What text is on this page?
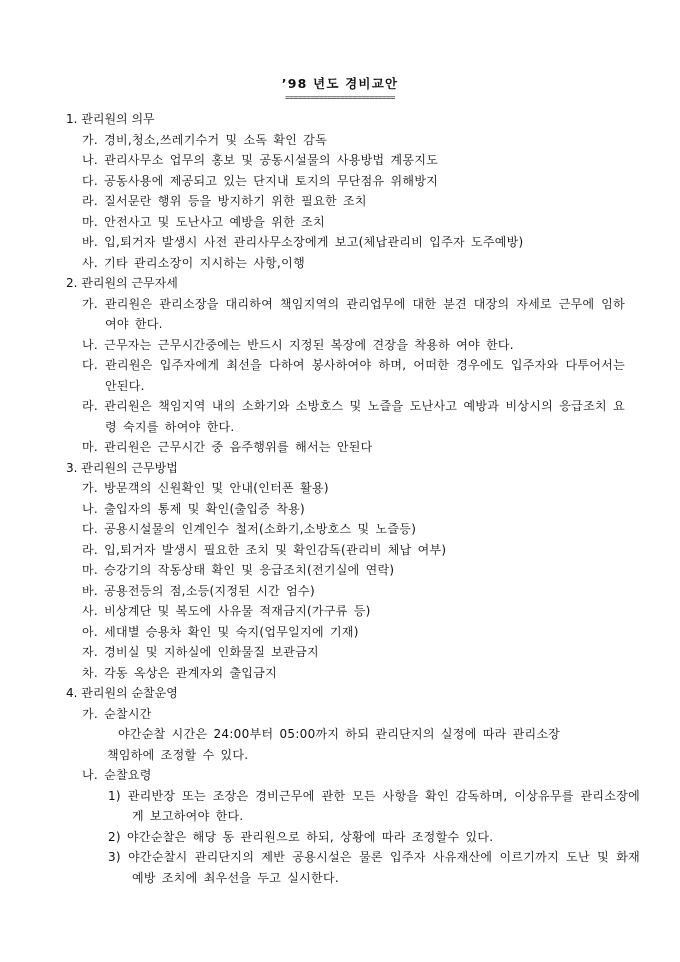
’98 년도 경비교안
==========================
1. 관리원의 의무
가. 경비,청소,쓰레기수거 및 소독 확인 감독
나. 관리사무소 업무의 홍보 및 공동시설물의 사용방법 계몽지도
다. 공동사용에 제공되고 있는 단지내 토지의 무단점유 위해방지
라. 질서문란 행위 등을 방지하기 위한 필요한 조치
마. 안전사고 및 도난사고 예방을 위한 조치
바. 입,퇴거자 발생시 사전 관리사무소장에게 보고(체납관리비 입주자 도주예방)
사. 기타 관리소장이 지시하는 사항,이행
2. 관리원의 근무자세
가. 관리원은 관리소장을 대리하여 책임지역의 관리업무에 대한 분견 대장의 자세로 근무에 임하여야 한다.
나. 근무자는 근무시간중에는 반드시 지정된 복장에 견장을 착용하 여야 한다.
다. 관리원은 입주자에게 최선을 다하여 봉사하여야 하며, 어떠한 경우에도 입주자와 다투어서는 안된다.
라. 관리원은 책임지역 내의 소화기와 소방호스 및 노즐을 도난사고 예방과 비상시의 응급조치 요령 숙지를 하여야 한다.
마. 관리원은 근무시간 중 음주행위를 해서는 안된다
3. 관리원의 근무방법
가. 방문객의 신원확인 및 안내(인터폰 활용)
나. 출입자의 통제 및 확인(출입증 착용)
다. 공용시설물의 인계인수 철저(소화기,소방호스 및 노즐등)
라. 입,퇴거자 발생시 필요한 조치 및 확인감독(관리비 체납 여부)
마. 승강기의 작동상태 확인 및 응급조치(전기실에 연락)
바. 공용전등의 점,소등(지정된 시간 엄수)
사. 비상계단 및 복도에 사유물 적재금지(가구류 등)
아. 세대별 승용차 확인 및 숙지(업무일지에 기재)
자. 경비실 및 지하실에 인화물질 보관금지
차. 각동 옥상은 관계자외 출입금지
4. 관리원의 순찰운영
가. 순찰시간
야간순찰 시간은 24:00부터 05:00까지 하되 관리단지의 실정에 따라 관리소장
책임하에 조정할 수 있다.
나. 순찰요령
1) 관리반장 또는 조장은 경비근무에 관한 모든 사항을 확인 감독하며, 이상유무를 관리소장에게 보고하여야 한다.
2) 야간순찰은 해당 동 관리원으로 하되, 상황에 따라 조정할수 있다.
3) 야간순찰시 관리단지의 제반 공용시설은 물론 입주자 사유재산에 이르기까지 도난 및 화재예방 조치에 최우선을 두고 실시한다.
